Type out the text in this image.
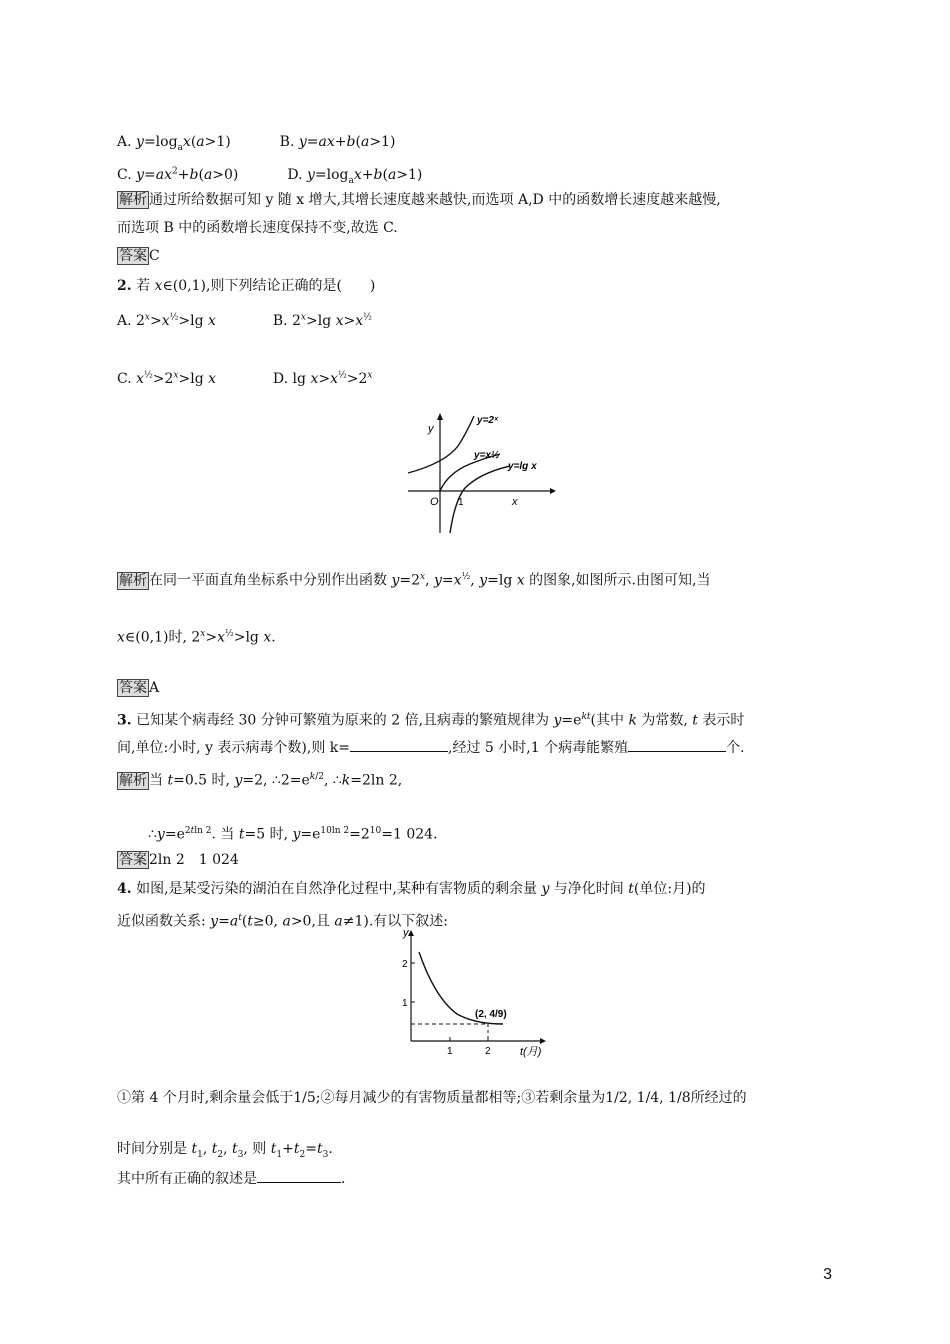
A. $y=\log_ax(a>1)$	B. y=ax+b(a>1)
C. $y=ax^2+b(a>0)$	D. $y=\log_ax+b(a>1)$
解析 通过所给数据可知 y 随 x 增大,其增长速度越来越快,而选项 A,D 中的函数增长速度越来越慢,
而选项 B 中的函数增长速度保持不变,故选 C.
答案 C
2. 若 x∈(0,1),则下列结论正确的是(　　)
A. $2^x>x^{\frac{1}{2}}>\lg$ x	B. $2^x>\lg$ $x>x^{\frac{1}{2}}$
C. $x^{\frac{1}{2}}>2^x>\lg$ x	D. $\lg x>x^{\frac{1}{2}}>2^x$
y
x
O 1
y=2ˣ
y=x½
y=lg x
解析 在同一平面直角坐标系中分别作出函数 $y=2^x$, $y=x^{\frac{1}{2}}$, y=lg x 的图象,如图所示.由图可知,当
x∈(0,1)时, $2^x>x^{\frac{1}{2}}>\lg$ x.
答案 A
3. 已知某个病毒经 30 分钟可繁殖为原来的 2 倍,且病毒的繁殖规律为 $y=e^{kt}$(其中 k 为常数, t 表示时
间,单位:小时, y 表示病毒个数),则 k=	,经过 5 小时,1 个病毒能繁殖	个.
解析 当 t=0.5 时, y=2, $\therefore 2=e^{k/2}$, ∴k=2ln 2,
$\therefore y=e^{2tln 2}$. 当 t=5 时, $y=e^{10ln 2}=2^{10}=1$ 024.
答案 2ln 2　1 024
4. 如图,是某受污染的湖泊在自然净化过程中,某种有害物质的剩余量 y 与净化时间 t(单位:月)的
近似函数关系: $y=a^t(t\ge 0$, a>0,且 a≠1).有以下叙述:
y
2
1
1	2	t(月)
(2, 4/9)
①第 4 个月时,剩余量会低于1/5;②每月减少的有害物质量都相等;③若剩余量为1/2, 1/4, 1/8所经过的
时间分别是 $t_1$, $t_2$, $t_3$, 则 $t_1+t_2=t_3$.
其中所有正确的叙述是	.
3
